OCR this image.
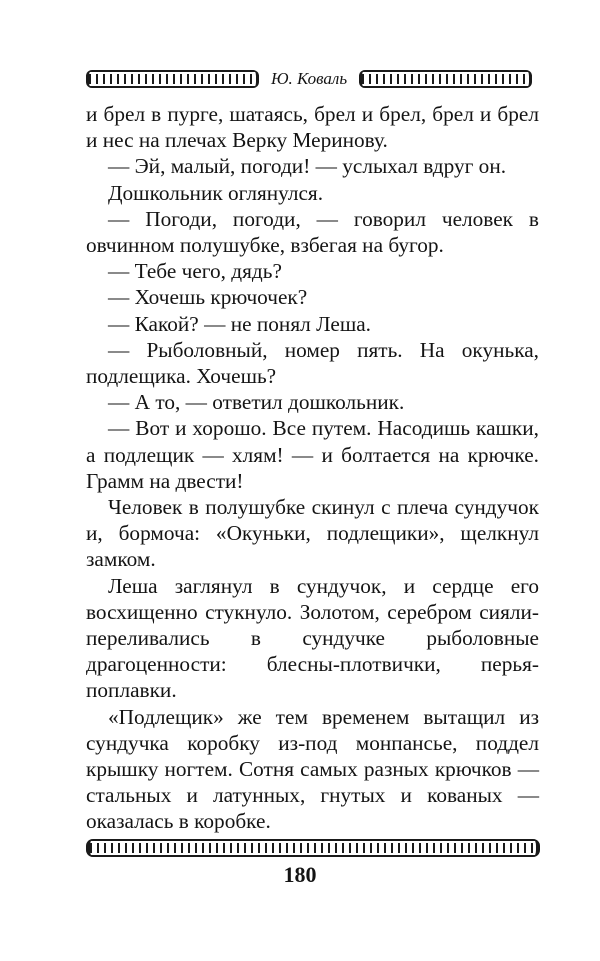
Ю. Коваль

и брел в пурге, шатаясь, брел и брел, брел и брел и нес на плечах Верку Меринову.

— Эй, малый, погоди! — услыхал вдруг он.

Дошкольник оглянулся.

— Погоди, погоди, — говорил человек в овчинном полушубке, взбегая на бугор.

— Тебе чего, дядь?

— Хочешь крючочек?

— Какой? — не понял Леша.

— Рыболовный, номер пять. На окунька, подлещика. Хочешь?

— А то, — ответил дошкольник.

— Вот и хорошо. Все путем. Насодишь кашки, а подлещик — хлям! — и болтается на крючке. Грамм на двести!

Человек в полушубке скинул с плеча сундучок и, бормоча: «Окуньки, подлещики», щелкнул замком.

Леша заглянул в сундучок, и сердце его восхищенно стукнуло. Золотом, серебром сияли-переливались в сундучке рыболовные драгоценности: блесны-плотвички, перья-поплавки.

«Подлещик» же тем временем вытащил из сундучка коробку из-под монпансье, поддел крышку ногтем. Сотня самых разных крючков — стальных и латунных, гнутых и кованых — оказалась в коробке.

180
